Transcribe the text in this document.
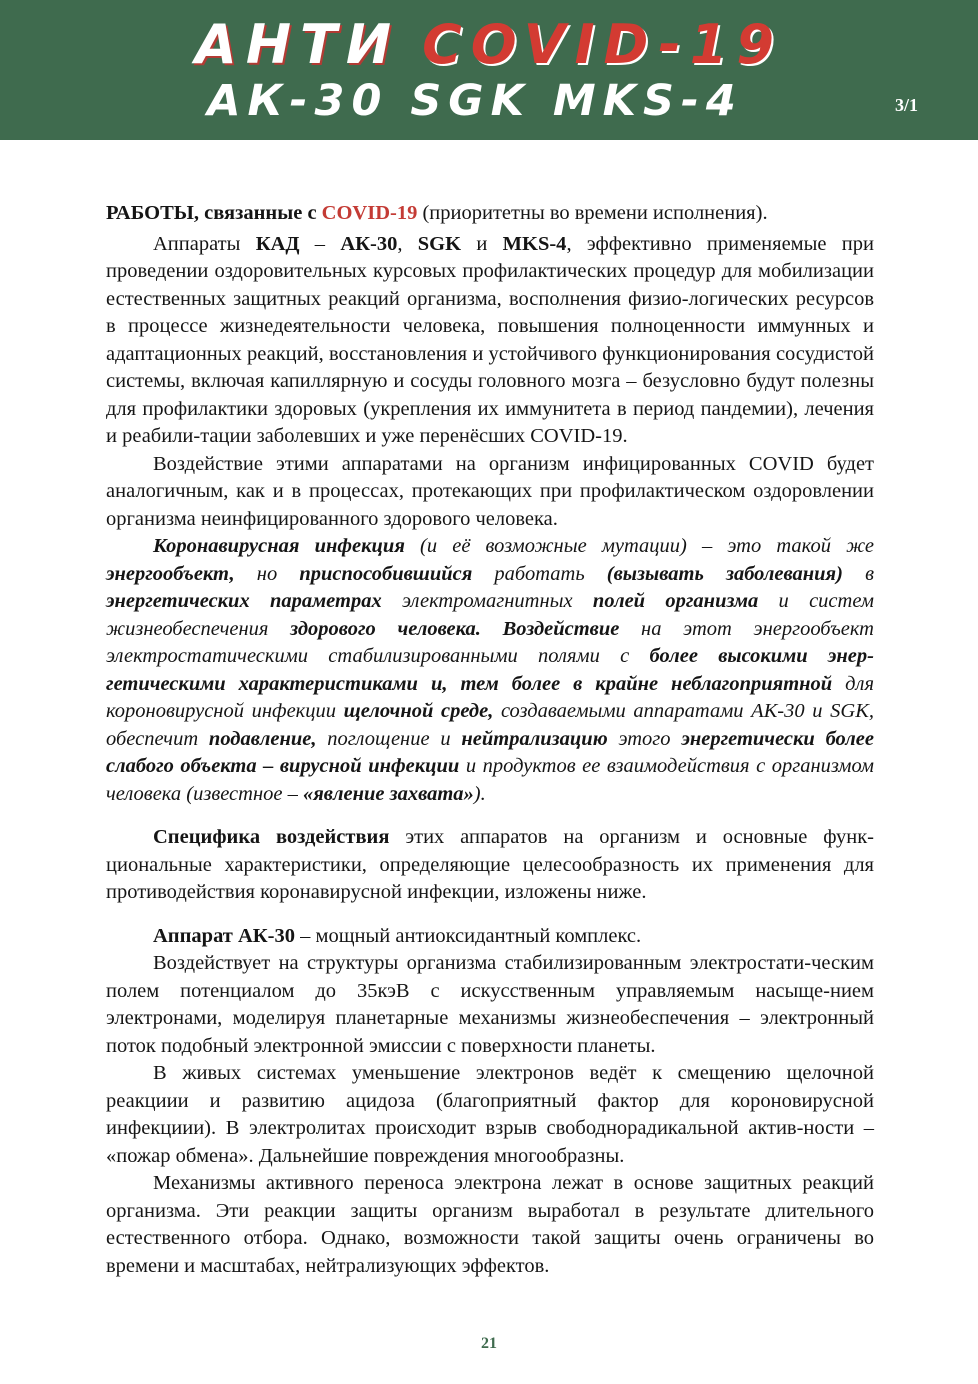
АНТИ COVID-19
АК-30 SGK MKS-4	3/1

РАБОТЫ, связанные с COVID-19 (приоритетны во времени исполнения).

Аппараты КАД – АК-30, SGK и MKS-4, эффективно применяемые при проведении оздоровительных курсовых профилактических процедур для мобилизации естественных защитных реакций организма, восполнения физио-логических ресурсов в процессе жизнедеятельности человека, повышения полноценности иммунных и адаптационных реакций, восстановления и устойчивого функционирования сосудистой системы, включая капиллярную и сосуды головного мозга – безусловно будут полезны для профилактики здоровых (укрепления их иммунитета в период пандемии), лечения и реабили-тации заболевших и уже перенёсших COVID-19.

Воздействие этими аппаратами на организм инфицированных COVID будет аналогичным, как и в процессах, протекающих при профилактическом оздоровлении организма неинфицированного здорового человека.

Коронавирусная инфекция (и её возможные мутации) – это такой же энергообъект, но приспособившийся работать (вызывать заболевания) в энергетических параметрах электромагнитных полей организма и систем жизнеобеспечения здорового человека. Воздействие на этот энергообъект электростатическими стабилизированными полями с более высокими энер-гетическими характеристиками и, тем более в крайне неблагоприятной для короновирусной инфекции щелочной среде, создаваемыми аппаратами АК-30 и SGK, обеспечит подавление, поглощение и нейтрализацию этого энергетически более слабого объекта – вирусной инфекции и продуктов ее взаимодействия с организмом человека (известное – «явление захвата»).

Специфика воздействия этих аппаратов на организм и основные функ-циональные характеристики, определяющие целесообразность их применения для противодействия коронавирусной инфекции, изложены ниже.

Аппарат АК-30 – мощный антиоксидантный комплекс.

Воздействует на структуры организма стабилизированным электростати-ческим полем потенциалом до 35кэВ с искусственным управляемым насыще-нием электронами, моделируя планетарные механизмы жизнеобеспечения – электронный поток подобный электронной эмиссии с поверхности планеты.

В живых системах уменьшение электронов ведёт к смещению щелочной реакциии и развитию ацидоза (благоприятный фактор для короновирусной инфекциии). В электролитах происходит взрыв свободнорадикальной актив-ности – «пожар обмена». Дальнейшие повреждения многообразны.

Механизмы активного переноса электрона лежат в основе защитных реакций организма. Эти реакции защиты организм выработал в результате длительного естественного отбора. Однако, возможности такой защиты очень ограничены во времени и масштабах, нейтрализующих эффектов.

21
